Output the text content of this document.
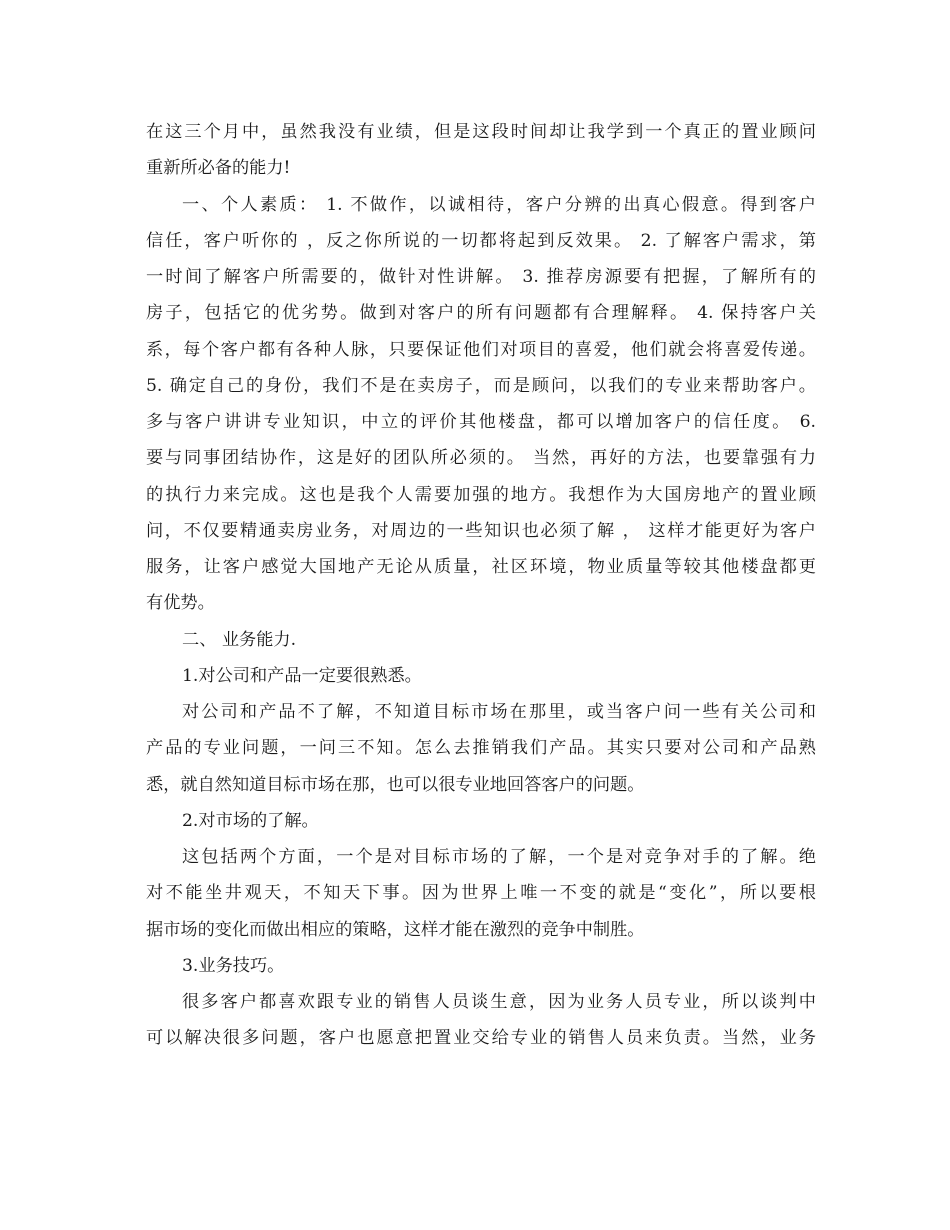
在这三个月中，虽然我没有业绩，但是这段时间却让我学到一个真正的置业顾问
重新所必备的能力!
一、个人素质： 1. 不做作，以诚相待，客户分辨的出真心假意。得到客户
信任，客户听你的 ，反之你所说的一切都将起到反效果。 2. 了解客户需求，第
一时间了解客户所需要的，做针对性讲解。 3. 推荐房源要有把握，了解所有的
房子，包括它的优劣势。做到对客户的所有问题都有合理解释。 4. 保持客户关
系，每个客户都有各种人脉，只要保证他们对项目的喜爱，他们就会将喜爱传递。
5. 确定自己的身份，我们不是在卖房子，而是顾问，以我们的专业来帮助客户。
多与客户讲讲专业知识，中立的评价其他楼盘，都可以增加客户的信任度。 6.
要与同事团结协作，这是好的团队所必须的。 当然，再好的方法，也要靠强有力
的执行力来完成。这也是我个人需要加强的地方。我想作为大国房地产的置业顾
问，不仅要精通卖房业务，对周边的一些知识也必须了解 ， 这样才能更好为客户
服务，让客户感觉大国地产无论从质量，社区环境，物业质量等较其他楼盘都更
有优势。
二、 业务能力.
1.对公司和产品一定要很熟悉。
对公司和产品不了解，不知道目标市场在那里，或当客户问一些有关公司和
产品的专业问题，一问三不知。怎么去推销我们产品。其实只要对公司和产品熟
悉，就自然知道目标市场在那，也可以很专业地回答客户的问题。
2.对市场的了解。
这包括两个方面，一个是对目标市场的了解，一个是对竞争对手的了解。绝
对不能坐井观天，不知天下事。因为世界上唯一不变的就是“变化”，所以要根
据市场的变化而做出相应的策略，这样才能在激烈的竞争中制胜。
3.业务技巧。
很多客户都喜欢跟专业的销售人员谈生意，因为业务人员专业，所以谈判中
可以解决很多问题，客户也愿意把置业交给专业的销售人员来负责。当然，业务
